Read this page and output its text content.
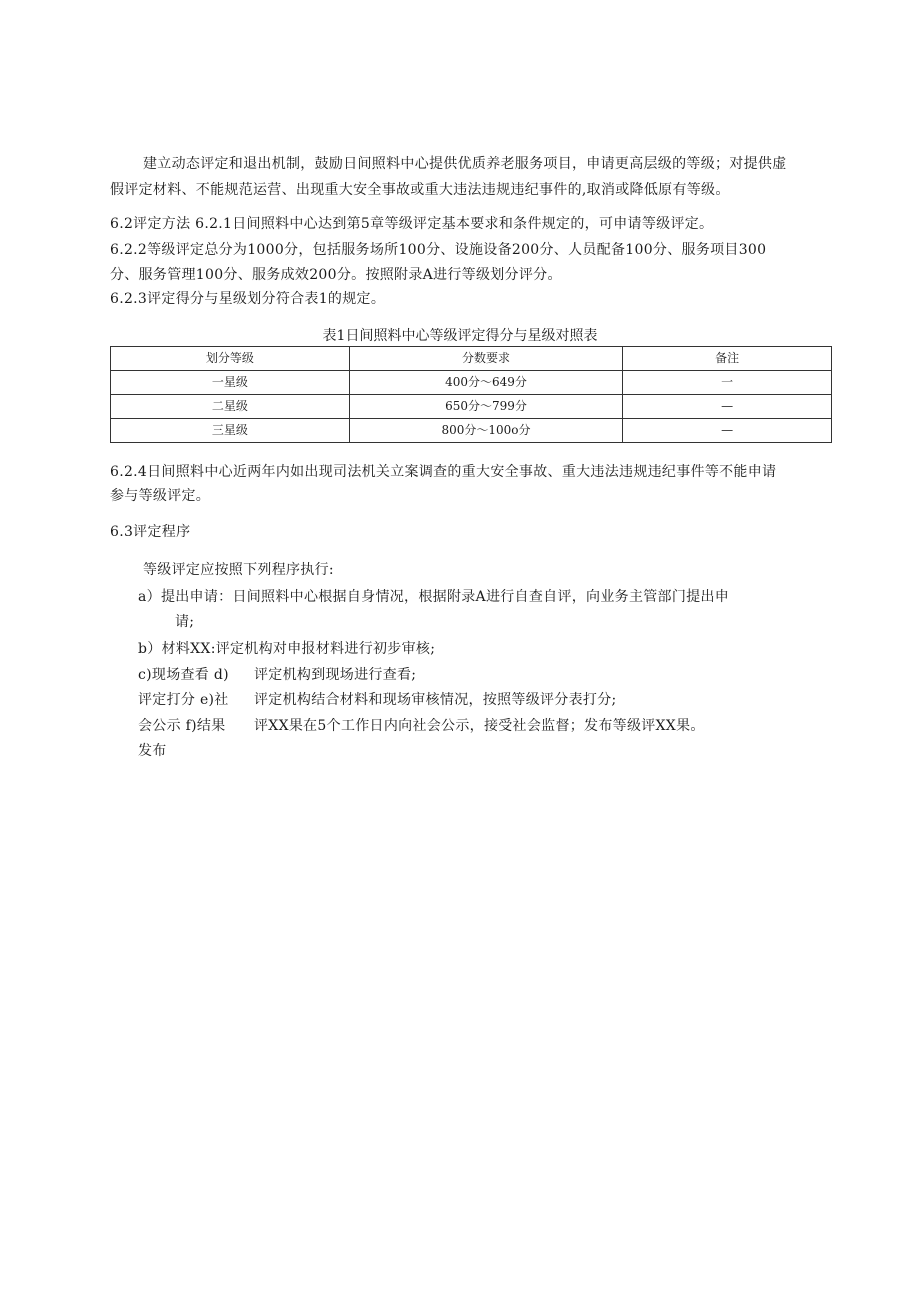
建立动态评定和退出机制，鼓励日间照料中心提供优质养老服务项目，申请更高层级的等级；对提供虚
假评定材料、不能规范运营、出现重大安全事故或重大违法违规违纪事件的,取消或降低原有等级。
6.2评定方法 6.2.1日间照料中心达到第5章等级评定基本要求和条件规定的，可申请等级评定。
6.2.2等级评定总分为1000分，包括服务场所100分、设施设备200分、人员配备100分、服务项目300
分、服务管理100分、服务成效200分。按照附录A进行等级划分评分。
6.2.3评定得分与星级划分符合表1的规定。
表1日间照料中心等级评定得分与星级对照表
划分等级	分数要求	备注
一星级	400分～649分	一
二星级	650分～799分	—
三星级	800分～100o分	—
6.2.4日间照料中心近两年内如出现司法机关立案调查的重大安全事故、重大违法违规违纪事件等不能申请
参与等级评定。
6.3评定程序
等级评定应按照下列程序执行:
a）提出申请：日间照料中心根据自身情况，根据附录A进行自查自评，向业务主管部门提出申
请;
b）材料XX:评定机构对申报材料进行初步审核;
c)现场查看 d) 评定机构到现场进行查看;
评定打分 e)社 评定机构结合材料和现场审核情况，按照等级评分表打分;
会公示 f)结果 评XX果在5个工作日内向社会公示，接受社会监督；发布等级评XX果。
发布
